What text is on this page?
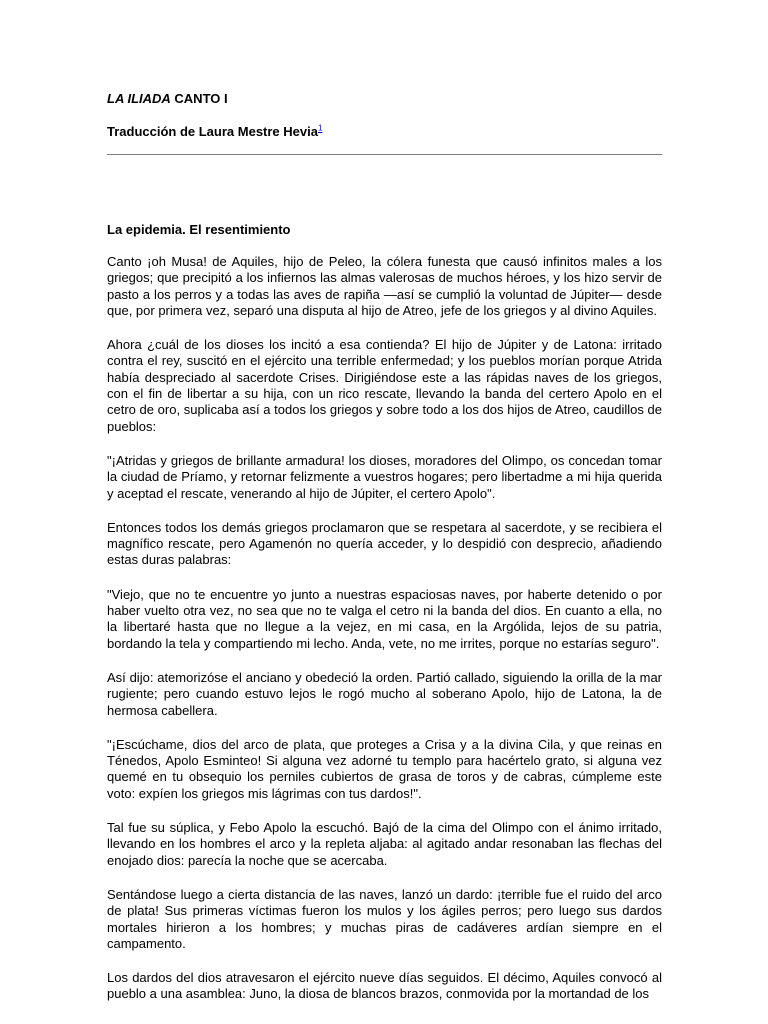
LA ILIADA CANTO I

Traducción de Laura Mestre Hevia$^1$

La epidemia. El resentimiento

Canto ¡oh Musa! de Aquiles, hijo de Peleo, la cólera funesta que causó infinitos males a los griegos; que precipitó a los infiernos las almas valerosas de muchos héroes, y los hizo servir de pasto a los perros y a todas las aves de rapiña —así se cumplió la voluntad de Júpiter— desde que, por primera vez, separó una disputa al hijo de Atreo, jefe de los griegos y al divino Aquiles.

Ahora ¿cuál de los dioses los incitó a esa contienda? El hijo de Júpiter y de Latona: irritado contra el rey, suscitó en el ejército una terrible enfermedad; y los pueblos morían porque Atrida había despreciado al sacerdote Crises. Dirigiéndose este a las rápidas naves de los griegos, con el fin de libertar a su hija, con un rico rescate, llevando la banda del certero Apolo en el cetro de oro, suplicaba así a todos los griegos y sobre todo a los dos hijos de Atreo, caudillos de pueblos:

"¡Atridas y griegos de brillante armadura! los dioses, moradores del Olimpo, os concedan tomar la ciudad de Príamo, y retornar felizmente a vuestros hogares; pero libertadme a mi hija querida y aceptad el rescate, venerando al hijo de Júpiter, el certero Apolo".

Entonces todos los demás griegos proclamaron que se respetara al sacerdote, y se recibiera el magnífico rescate, pero Agamenón no quería acceder, y lo despidió con desprecio, añadiendo estas duras palabras:

"Viejo, que no te encuentre yo junto a nuestras espaciosas naves, por haberte detenido o por haber vuelto otra vez, no sea que no te valga el cetro ni la banda del dios. En cuanto a ella, no la libertaré hasta que no llegue a la vejez, en mi casa, en la Argólida, lejos de su patria, bordando la tela y compartiendo mi lecho. Anda, vete, no me irrites, porque no estarías seguro".

Así dijo: atemorizóse el anciano y obedeció la orden. Partió callado, siguiendo la orilla de la mar rugiente; pero cuando estuvo lejos le rogó mucho al soberano Apolo, hijo de Latona, la de hermosa cabellera.

"¡Escúchame, dios del arco de plata, que proteges a Crisa y a la divina Cila, y que reinas en Ténedos, Apolo Esminteo! Si alguna vez adorné tu templo para hacértelo grato, si alguna vez quemé en tu obsequio los perniles cubiertos de grasa de toros y de cabras, cúmpleme este voto: expíen los griegos mis lágrimas con tus dardos!".

Tal fue su súplica, y Febo Apolo la escuchó. Bajó de la cima del Olimpo con el ánimo irritado, llevando en los hombres el arco y la repleta aljaba: al agitado andar resonaban las flechas del enojado dios: parecía la noche que se acercaba.

Sentándose luego a cierta distancia de las naves, lanzó un dardo: ¡terrible fue el ruido del arco de plata! Sus primeras víctimas fueron los mulos y los ágiles perros; pero luego sus dardos mortales hirieron a los hombres; y muchas piras de cadáveres ardían siempre en el campamento.

Los dardos del dios atravesaron el ejército nueve días seguidos. El décimo, Aquiles convocó al pueblo a una asamblea: Juno, la diosa de blancos brazos, conmovida por la mortandad de los
